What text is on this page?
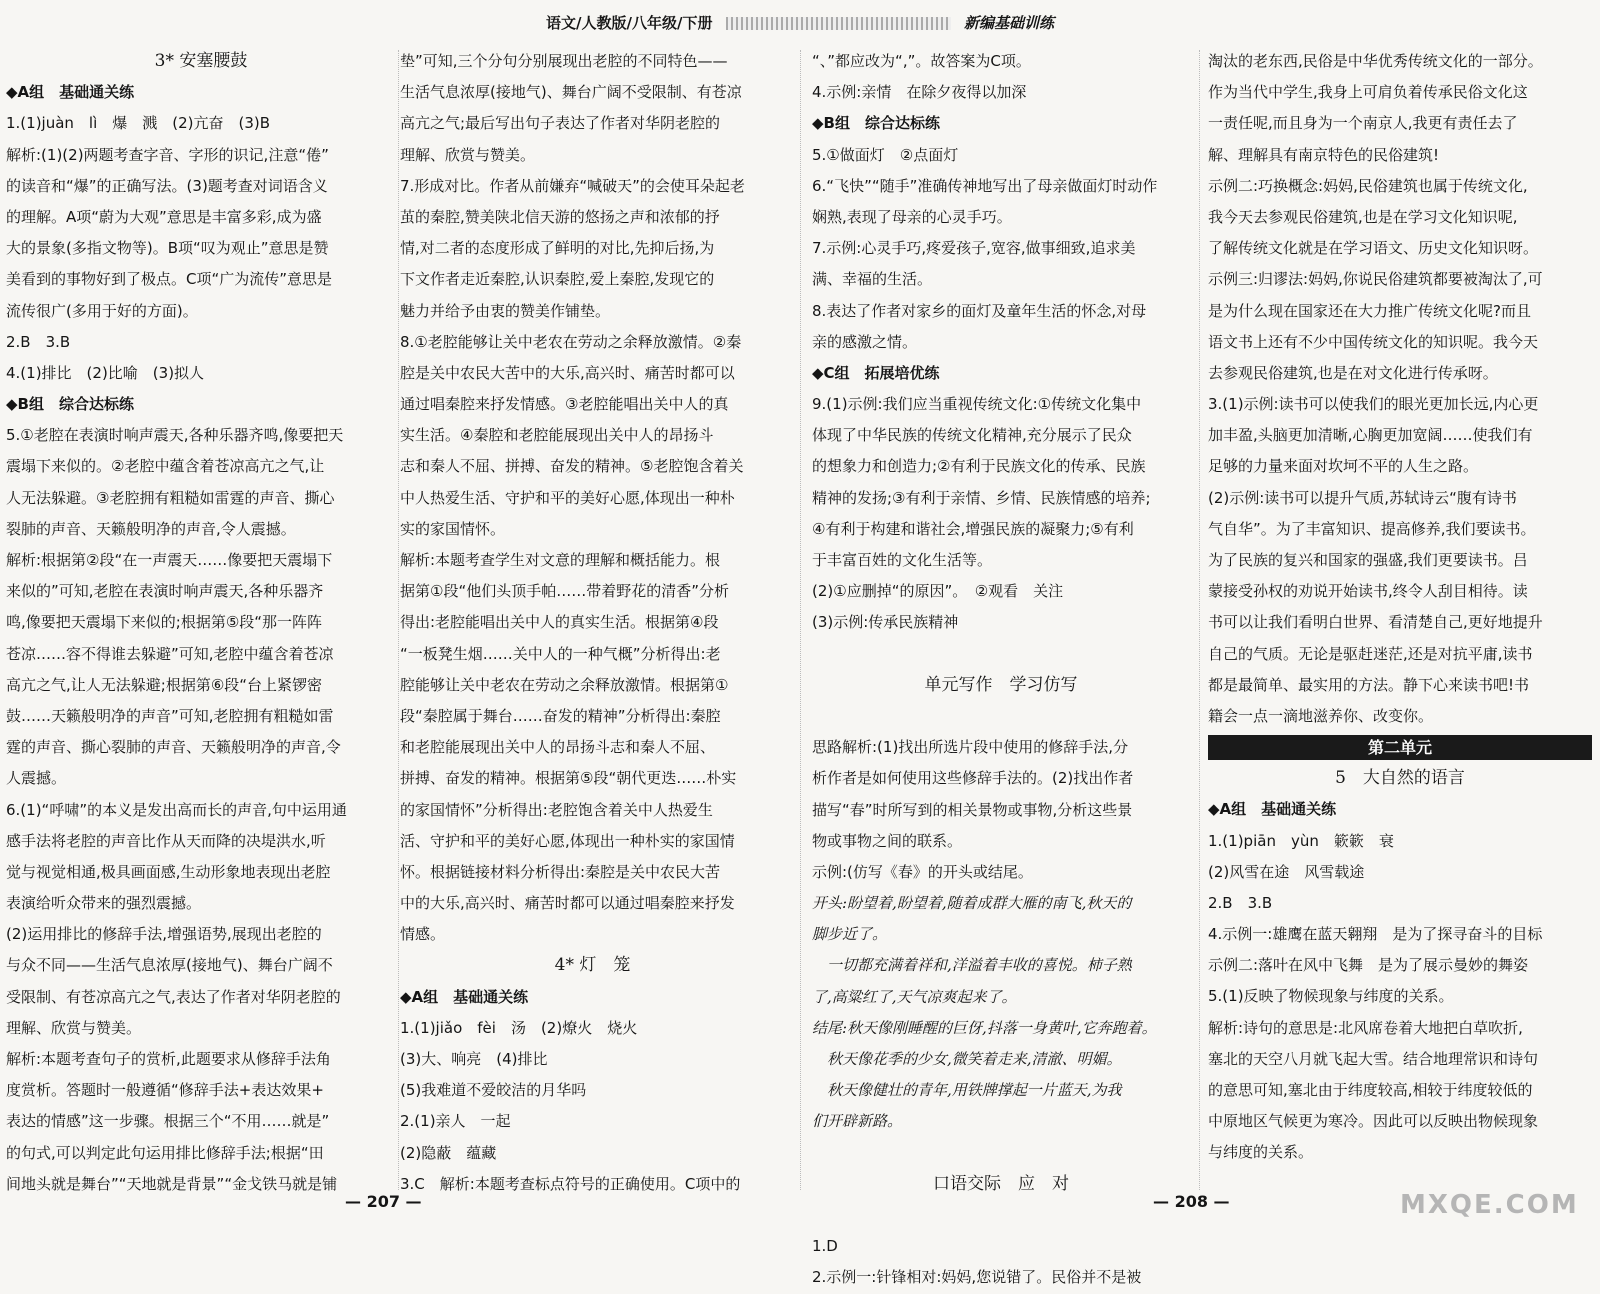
语文/人教版/八年级/下册	新编基础训练
3* 安塞腰鼓
◆A组　基础通关练
1.(1)juàn　lì　爆　溅　(2)亢奋　(3)B
解析:(1)(2)两题考查字音、字形的识记,注意“倦”
的读音和“爆”的正确写法。(3)题考查对词语含义
的理解。A项“蔚为大观”意思是丰富多彩,成为盛
大的景象(多指文物等)。B项“叹为观止”意思是赞
美看到的事物好到了极点。C项“广为流传”意思是
流传很广(多用于好的方面)。
2.B　3.B
4.(1)排比　(2)比喻　(3)拟人
◆B组　综合达标练
5.①老腔在表演时响声震天,各种乐器齐鸣,像要把天
震塌下来似的。②老腔中蕴含着苍凉高亢之气,让
人无法躲避。③老腔拥有粗糙如雷霆的声音、撕心
裂肺的声音、天籁般明净的声音,令人震撼。
解析:根据第②段“在一声震天……像要把天震塌下
来似的”可知,老腔在表演时响声震天,各种乐器齐
鸣,像要把天震塌下来似的;根据第⑤段“那一阵阵
苍凉……容不得谁去躲避”可知,老腔中蕴含着苍凉
高亢之气,让人无法躲避;根据第⑥段“台上紧锣密
鼓……天籁般明净的声音”可知,老腔拥有粗糙如雷
霆的声音、撕心裂肺的声音、天籁般明净的声音,令
人震撼。
6.(1)“呼啸”的本义是发出高而长的声音,句中运用通
感手法将老腔的声音比作从天而降的决堤洪水,听
觉与视觉相通,极具画面感,生动形象地表现出老腔
表演给听众带来的强烈震撼。
(2)运用排比的修辞手法,增强语势,展现出老腔的
与众不同——生活气息浓厚(接地气)、舞台广阔不
受限制、有苍凉高亢之气,表达了作者对华阴老腔的
理解、欣赏与赞美。
解析:本题考查句子的赏析,此题要求从修辞手法角
度赏析。答题时一般遵循“修辞手法+表达效果+
表达的情感”这一步骤。根据三个“不用……就是”
的句式,可以判定此句运用排比修辞手法;根据“田
间地头就是舞台”“天地就是背景”“金戈铁马就是铺
垫”可知,三个分句分别展现出老腔的不同特色——
生活气息浓厚(接地气)、舞台广阔不受限制、有苍凉
高亢之气;最后写出句子表达了作者对华阴老腔的
理解、欣赏与赞美。
7.形成对比。作者从前嫌弃“喊破天”的会使耳朵起老
茧的秦腔,赞美陕北信天游的悠扬之声和浓郁的抒
情,对二者的态度形成了鲜明的对比,先抑后扬,为
下文作者走近秦腔,认识秦腔,爱上秦腔,发现它的
魅力并给予由衷的赞美作铺垫。
8.①老腔能够让关中老农在劳动之余释放激情。②秦
腔是关中农民大苦中的大乐,高兴时、痛苦时都可以
通过唱秦腔来抒发情感。③老腔能唱出关中人的真
实生活。④秦腔和老腔能展现出关中人的昂扬斗
志和秦人不屈、拼搏、奋发的精神。⑤老腔饱含着关
中人热爱生活、守护和平的美好心愿,体现出一种朴
实的家国情怀。
解析:本题考查学生对文意的理解和概括能力。根
据第①段“他们头顶手帕……带着野花的清香”分析
得出:老腔能唱出关中人的真实生活。根据第④段
“一板凳生烟……关中人的一种气概”分析得出:老
腔能够让关中老农在劳动之余释放激情。根据第①
段“秦腔属于舞台……奋发的精神”分析得出:秦腔
和老腔能展现出关中人的昂扬斗志和秦人不屈、
拼搏、奋发的精神。根据第⑤段“朝代更迭……朴实
的家国情怀”分析得出:老腔饱含着关中人热爱生
活、守护和平的美好心愿,体现出一种朴实的家国情
怀。根据链接材料分析得出:秦腔是关中农民大苦
中的大乐,高兴时、痛苦时都可以通过唱秦腔来抒发
情感。
4* 灯　笼
◆A组　基础通关练
1.(1)jiǎo　fèi　汤　(2)燎火　烧火
(3)大、响亮　(4)排比
(5)我难道不爱皎洁的月华吗
2.(1)亲人　一起
(2)隐蔽　蕴藏
3.C　解析:本题考查标点符号的正确使用。C项中的
“、”都应改为“,”。故答案为C项。
4.示例:亲情　在除夕夜得以加深
◆B组　综合达标练
5.①做面灯　②点面灯
6.“飞快”“随手”准确传神地写出了母亲做面灯时动作
娴熟,表现了母亲的心灵手巧。
7.示例:心灵手巧,疼爱孩子,宽容,做事细致,追求美
满、幸福的生活。
8.表达了作者对家乡的面灯及童年生活的怀念,对母
亲的感激之情。
◆C组　拓展培优练
9.(1)示例:我们应当重视传统文化:①传统文化集中
体现了中华民族的传统文化精神,充分展示了民众
的想象力和创造力;②有利于民族文化的传承、民族
精神的发扬;③有利于亲情、乡情、民族情感的培养;
④有利于构建和谐社会,增强民族的凝聚力;⑤有利
于丰富百姓的文化生活等。
(2)①应删掉“的原因”。　②观看　关注
(3)示例:传承民族精神
单元写作　学习仿写
思路解析:(1)找出所选片段中使用的修辞手法,分
析作者是如何使用这些修辞手法的。(2)找出作者
描写“春”时所写到的相关景物或事物,分析这些景
物或事物之间的联系。
示例:(仿写《春》的开头或结尾。
开头:盼望着,盼望着,随着成群大雁的南飞,秋天的
脚步近了。
　一切都充满着祥和,洋溢着丰收的喜悦。柿子熟
了,高粱红了,天气凉爽起来了。
结尾:秋天像刚睡醒的巨伢,抖落一身黄叶,它奔跑着。
　秋天像花季的少女,微笑着走来,清澈、明媚。
　秋天像健壮的青年,用铁牌撑起一片蓝天,为我
们开辟新路。
口语交际　应　对
1.D
2.示例一:针锋相对:妈妈,您说错了。民俗并不是被
淘汰的老东西,民俗是中华优秀传统文化的一部分。
作为当代中学生,我身上可肩负着传承民俗文化这
一责任呢,而且身为一个南京人,我更有责任去了
解、理解具有南京特色的民俗建筑!
示例二:巧换概念:妈妈,民俗建筑也属于传统文化,
我今天去参观民俗建筑,也是在学习文化知识呢,
了解传统文化就是在学习语文、历史文化知识呀。
示例三:归谬法:妈妈,你说民俗建筑都要被淘汰了,可
是为什么现在国家还在大力推广传统文化呢?而且
语文书上还有不少中国传统文化的知识呢。我今天
去参观民俗建筑,也是在对文化进行传承呀。
3.(1)示例:读书可以使我们的眼光更加长远,内心更
加丰盈,头脑更加清晰,心胸更加宽阔……使我们有
足够的力量来面对坎坷不平的人生之路。
(2)示例:读书可以提升气质,苏轼诗云“腹有诗书
气自华”。为了丰富知识、提高修养,我们要读书。
为了民族的复兴和国家的强盛,我们更要读书。吕
蒙接受孙权的劝说开始读书,终令人刮目相待。读
书可以让我们看明白世界、看清楚自己,更好地提升
自己的气质。无论是驱赶迷茫,还是对抗平庸,读书
都是最简单、最实用的方法。静下心来读书吧!书
籍会一点一滴地滋养你、改变你。
第二单元
5　大自然的语言
◆A组　基础通关练
1.(1)piān　yùn　簌簌　衰
(2)风雪在途　风雪载途
2.B　3.B
4.示例一:雄鹰在蓝天翱翔　是为了探寻奋斗的目标
示例二:落叶在风中飞舞　是为了展示曼妙的舞姿
5.(1)反映了物候现象与纬度的关系。
解析:诗句的意思是:北风席卷着大地把白草吹折,
塞北的天空八月就飞起大雪。结合地理常识和诗句
的意思可知,塞北由于纬度较高,相较于纬度较低的
中原地区气候更为寒冷。因此可以反映出物候现象
与纬度的关系。
— 207 —	— 208 —	MXQE.COM
